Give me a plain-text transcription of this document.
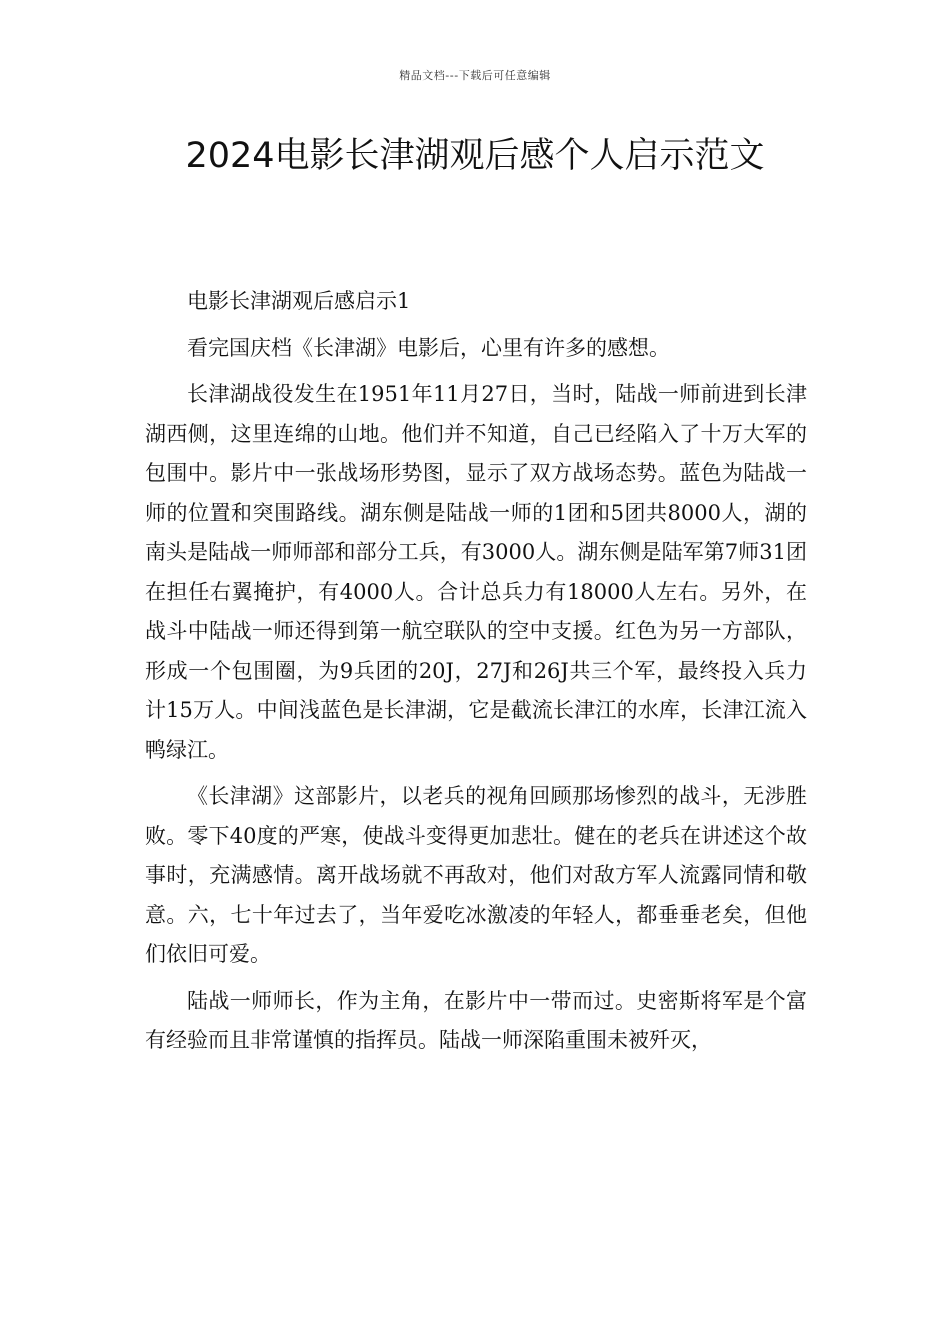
精品文档---下载后可任意编辑
2024电影长津湖观后感个人启示范文

电影长津湖观后感启示1

看完国庆档《长津湖》电影后，心里有许多的感想。

长津湖战役发生在1951年11月27日，当时，陆战一师前进到长津湖西侧，这里连绵的山地。他们并不知道，自己已经陷入了十万大军的包围中。影片中一张战场形势图，显示了双方战场态势。蓝色为陆战一师的位置和突围路线。湖东侧是陆战一师的1团和5团共8000人，湖的南头是陆战一师师部和部分工兵，有3000人。湖东侧是陆军第7师31团在担任右翼掩护，有4000人。合计总兵力有18000人左右。另外，在战斗中陆战一师还得到第一航空联队的空中支援。红色为另一方部队，形成一个包围圈，为9兵团的20J，27J和26J共三个军，最终投入兵力计15万人。中间浅蓝色是长津湖，它是截流长津江的水库，长津江流入鸭绿江。

《长津湖》这部影片，以老兵的视角回顾那场惨烈的战斗，无涉胜败。零下40度的严寒，使战斗变得更加悲壮。健在的老兵在讲述这个故事时，充满感情。离开战场就不再敌对，他们对敌方军人流露同情和敬意。六，七十年过去了，当年爱吃冰激凌的年轻人，都垂垂老矣，但他们依旧可爱。

陆战一师师长，作为主角，在影片中一带而过。史密斯将军是个富有经验而且非常谨慎的指挥员。陆战一师深陷重围未被歼灭，
